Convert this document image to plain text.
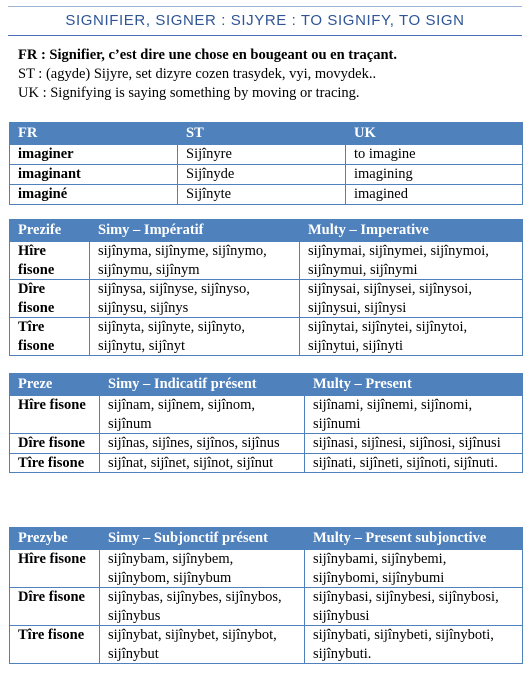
SIGNIFIER, SIGNER : SIJYRE : TO SIGNIFY, TO SIGN
FR : Signifier, c’est dire une chose en bougeant ou en traçant.
ST : (agyde) Sijyre, set dizyre cozen trasydek, vyi, movydek..
UK : Signifying is saying something by moving or tracing.
FR	ST	UK
imaginer	Sijînyre	to imagine
imaginant	Sijînyde	imagining
imaginé	Sijînyte	imagined
Prezife	Simy – Impératif	Multy – Imperative
Hîre fisone	sijînyma, sijînyme, sijînymo, sijînymu, sijînym	sijînymai, sijînymei, sijînymoi, sijînymui, sijînymi
Dîre fisone	sijînysa, sijînyse, sijînyso, sijînysu, sijînys	sijînysai, sijînysei, sijînysoi, sijînysui, sijînysi
Tîre fisone	sijînyta, sijînyte, sijînyto, sijînytu, sijînyt	sijînytai, sijînytei, sijînytoi, sijînytui, sijînyti
Preze	Simy – Indicatif présent	Multy – Present
Hîre fisone	sijînam, sijînem, sijînom, sijînum	sijînami, sijînemi, sijînomi, sijînumi
Dîre fisone	sijînas, sijînes, sijînos, sijînus	sijînasi, sijînesi, sijînosi, sijînusi
Tîre fisone	sijînat, sijînet, sijînot, sijînut	sijînati, sijîneti, sijînoti, sijînuti.
Prezybe	Simy – Subjonctif présent	Multy – Present subjonctive
Hîre fisone	sijînybam, sijînybem, sijînybom, sijînybum	sijînybami, sijînybemi, sijînybomi, sijînybumi
Dîre fisone	sijînybas, sijînybes, sijînybos, sijînybus	sijînybasi, sijînybesi, sijînybosi, sijînybusi
Tîre fisone	sijînybat, sijînybet, sijînybot, sijînybut	sijînybati, sijînybeti, sijînyboti, sijînybuti.
